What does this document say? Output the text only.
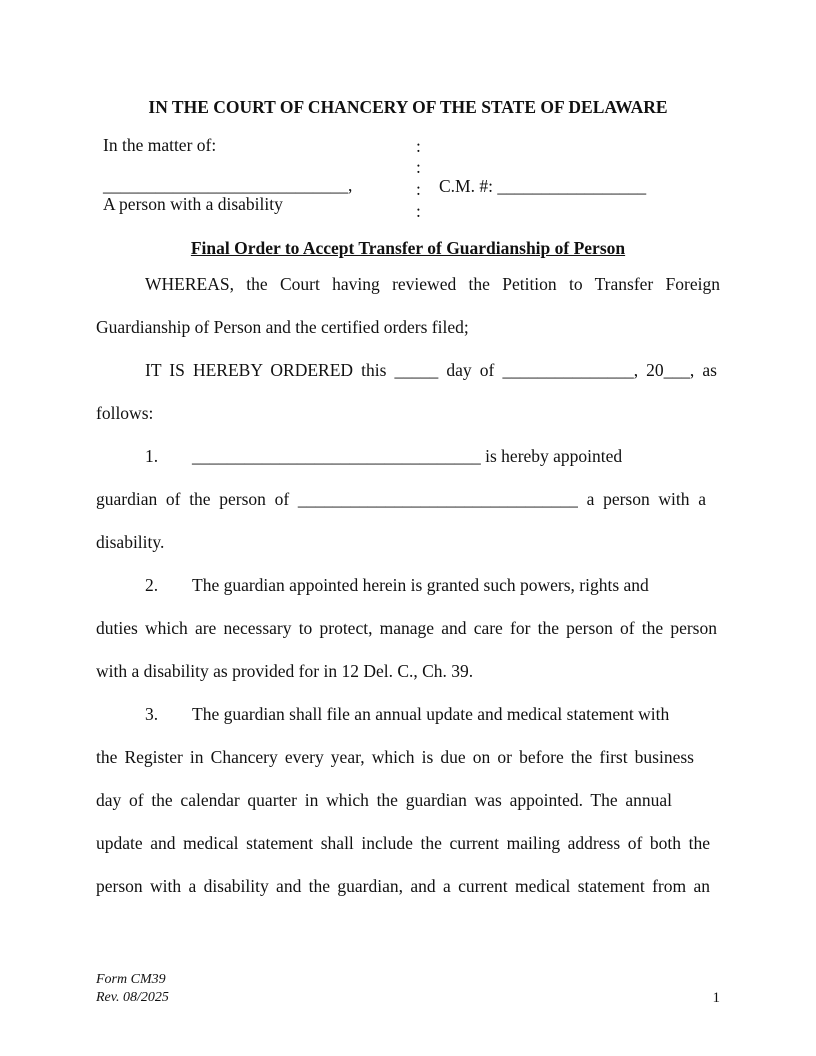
IN THE COURT OF CHANCERY OF THE STATE OF DELAWARE
In the matter of:
____________________________,
A person with a disability
:
:
:
:
C.M. #: _________________
Final Order to Accept Transfer of Guardianship of Person
WHEREAS, the Court having reviewed the Petition to Transfer Foreign
Guardianship of Person and the certified orders filed;
IT IS HEREBY ORDERED this _____ day of _______________, 20___, as
follows:
1. _________________________________ is hereby appointed
guardian of the person of ________________________________ a person with a
disability.
2. The guardian appointed herein is granted such powers, rights and
duties which are necessary to protect, manage and care for the person of the person
with a disability as provided for in 12 Del. C., Ch. 39.
3. The guardian shall file an annual update and medical statement with
the Register in Chancery every year, which is due on or before the first business
day of the calendar quarter in which the guardian was appointed. The annual
update and medical statement shall include the current mailing address of both the
person with a disability and the guardian, and a current medical statement from an
Form CM39
Rev. 08/2025	1
